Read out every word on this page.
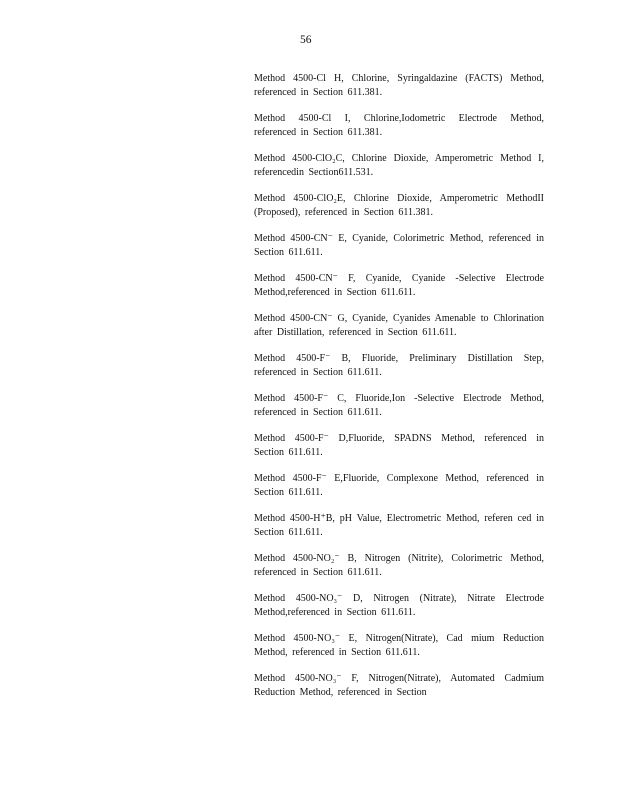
56

Method 4500-Cl H, Chlorine, Syringaldazine (FACTS) Method, referenced in Section 611.381.

Method 4500-Cl I, Chlorine,Iodometric Electrode Method, referenced in Section 611.381.

Method 4500-ClO₂C, Chlorine Dioxide, Amperometric Method I, referencedin Section611.531.

Method 4500-ClO₂E, Chlorine Dioxide, Amperometric MethodII (Proposed), referenced in Section 611.381.

Method 4500-CN⁻ E, Cyanide, Colorimetric Method, referenced in Section 611.611.

Method 4500-CN⁻ F, Cyanide, Cyanide -Selective Electrode Method,referenced in Section 611.611.

Method 4500-CN⁻ G, Cyanide, Cyanides Amenable to Chlorination after Distillation, referenced in Section 611.611.

Method 4500-F⁻ B, Fluoride, Preliminary Distillation Step, referenced in Section 611.611.

Method 4500-F⁻ C, Fluoride,Ion -Selective Electrode Method, referenced in Section 611.611.

Method 4500-F⁻ D,Fluoride, SPADNS Method, referenced in Section 611.611.

Method 4500-F⁻ E,Fluoride, Complexone Method, referenced in Section 611.611.

Method 4500-H⁺B, pH Value, Electrometric Method, referen ced in Section 611.611.

Method 4500-NO₂⁻ B, Nitrogen (Nitrite), Colorimetric Method, referenced in Section 611.611.

Method 4500-NO₃⁻ D, Nitrogen (Nitrate), Nitrate Electrode Method,referenced in Section 611.611.

Method 4500-NO₃⁻ E, Nitrogen(Nitrate), Cad mium Reduction Method, referenced in Section 611.611.

Method 4500-NO₃⁻ F, Nitrogen(Nitrate), Automated Cadmium Reduction Method, referenced in Section
